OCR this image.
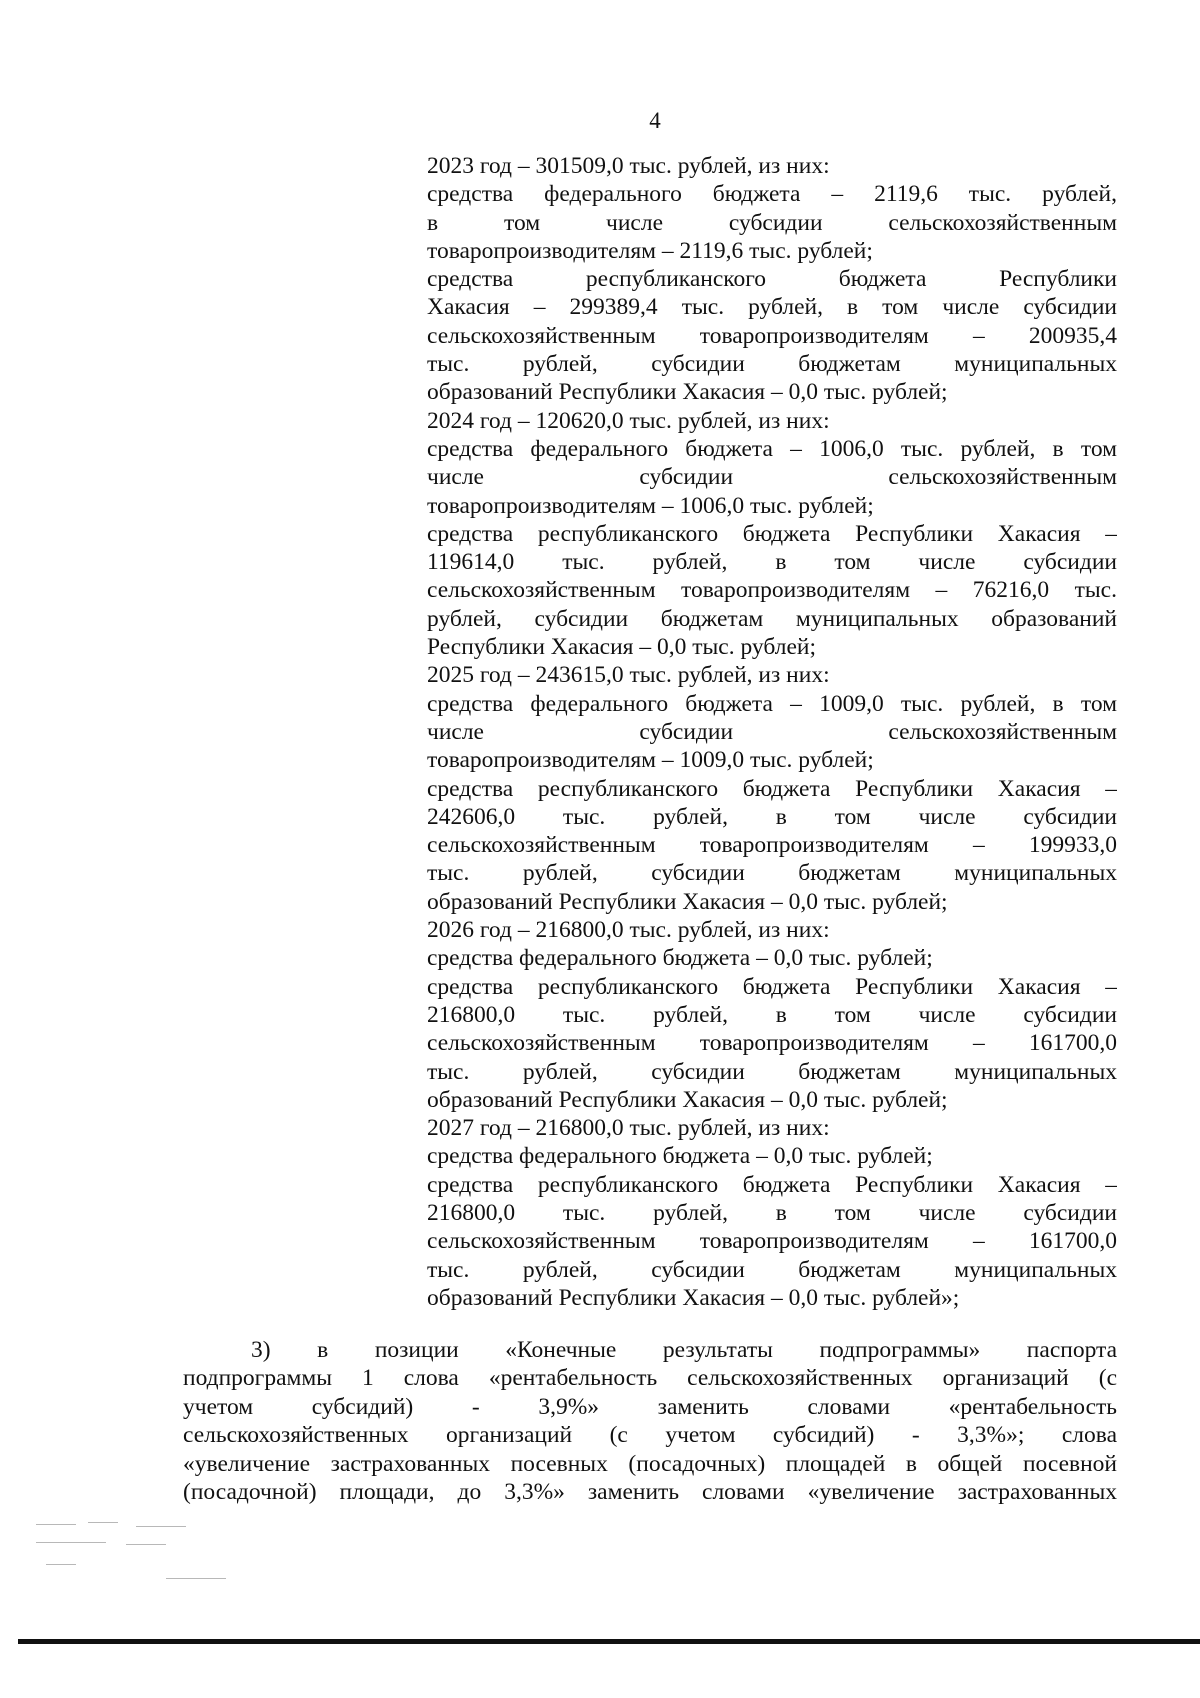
4
2023 год – 301509,0 тыс. рублей, из них:
средства федерального бюджета – 2119,6 тыс. рублей,
в том числе субсидии сельскохозяйственным
товаропроизводителям – 2119,6 тыс. рублей;
средства республиканского бюджета Республики
Хакасия – 299389,4 тыс. рублей, в том числе субсидии
сельскохозяйственным товаропроизводителям – 200935,4
тыс. рублей, субсидии бюджетам муниципальных
образований Республики Хакасия – 0,0 тыс. рублей;
2024 год – 120620,0 тыс. рублей, из них:
средства федерального бюджета – 1006,0 тыс. рублей, в том
числе субсидии сельскохозяйственным
товаропроизводителям – 1006,0 тыс. рублей;
средства республиканского бюджета Республики Хакасия –
119614,0 тыс. рублей, в том числе субсидии
сельскохозяйственным товаропроизводителям – 76216,0 тыс.
рублей, субсидии бюджетам муниципальных образований
Республики Хакасия – 0,0 тыс. рублей;
2025 год – 243615,0 тыс. рублей, из них:
средства федерального бюджета – 1009,0 тыс. рублей, в том
числе субсидии сельскохозяйственным
товаропроизводителям – 1009,0 тыс. рублей;
средства республиканского бюджета Республики Хакасия –
242606,0 тыс. рублей, в том числе субсидии
сельскохозяйственным товаропроизводителям – 199933,0
тыс. рублей, субсидии бюджетам муниципальных
образований Республики Хакасия – 0,0 тыс. рублей;
2026 год – 216800,0 тыс. рублей, из них:
средства федерального бюджета – 0,0 тыс. рублей;
средства республиканского бюджета Республики Хакасия –
216800,0 тыс. рублей, в том числе субсидии
сельскохозяйственным товаропроизводителям – 161700,0
тыс. рублей, субсидии бюджетам муниципальных
образований Республики Хакасия – 0,0 тыс. рублей;
2027 год – 216800,0 тыс. рублей, из них:
средства федерального бюджета – 0,0 тыс. рублей;
средства республиканского бюджета Республики Хакасия –
216800,0 тыс. рублей, в том числе субсидии
сельскохозяйственным товаропроизводителям – 161700,0
тыс. рублей, субсидии бюджетам муниципальных
образований Республики Хакасия – 0,0 тыс. рублей»;
3) в позиции «Конечные результаты подпрограммы» паспорта
подпрограммы 1 слова «рентабельность сельскохозяйственных организаций (с
учетом субсидий) - 3,9%» заменить словами «рентабельность
сельскохозяйственных организаций (с учетом субсидий) - 3,3%»; слова
«увеличение застрахованных посевных (посадочных) площадей в общей посевной
(посадочной) площади, до 3,3%» заменить словами «увеличение застрахованных
